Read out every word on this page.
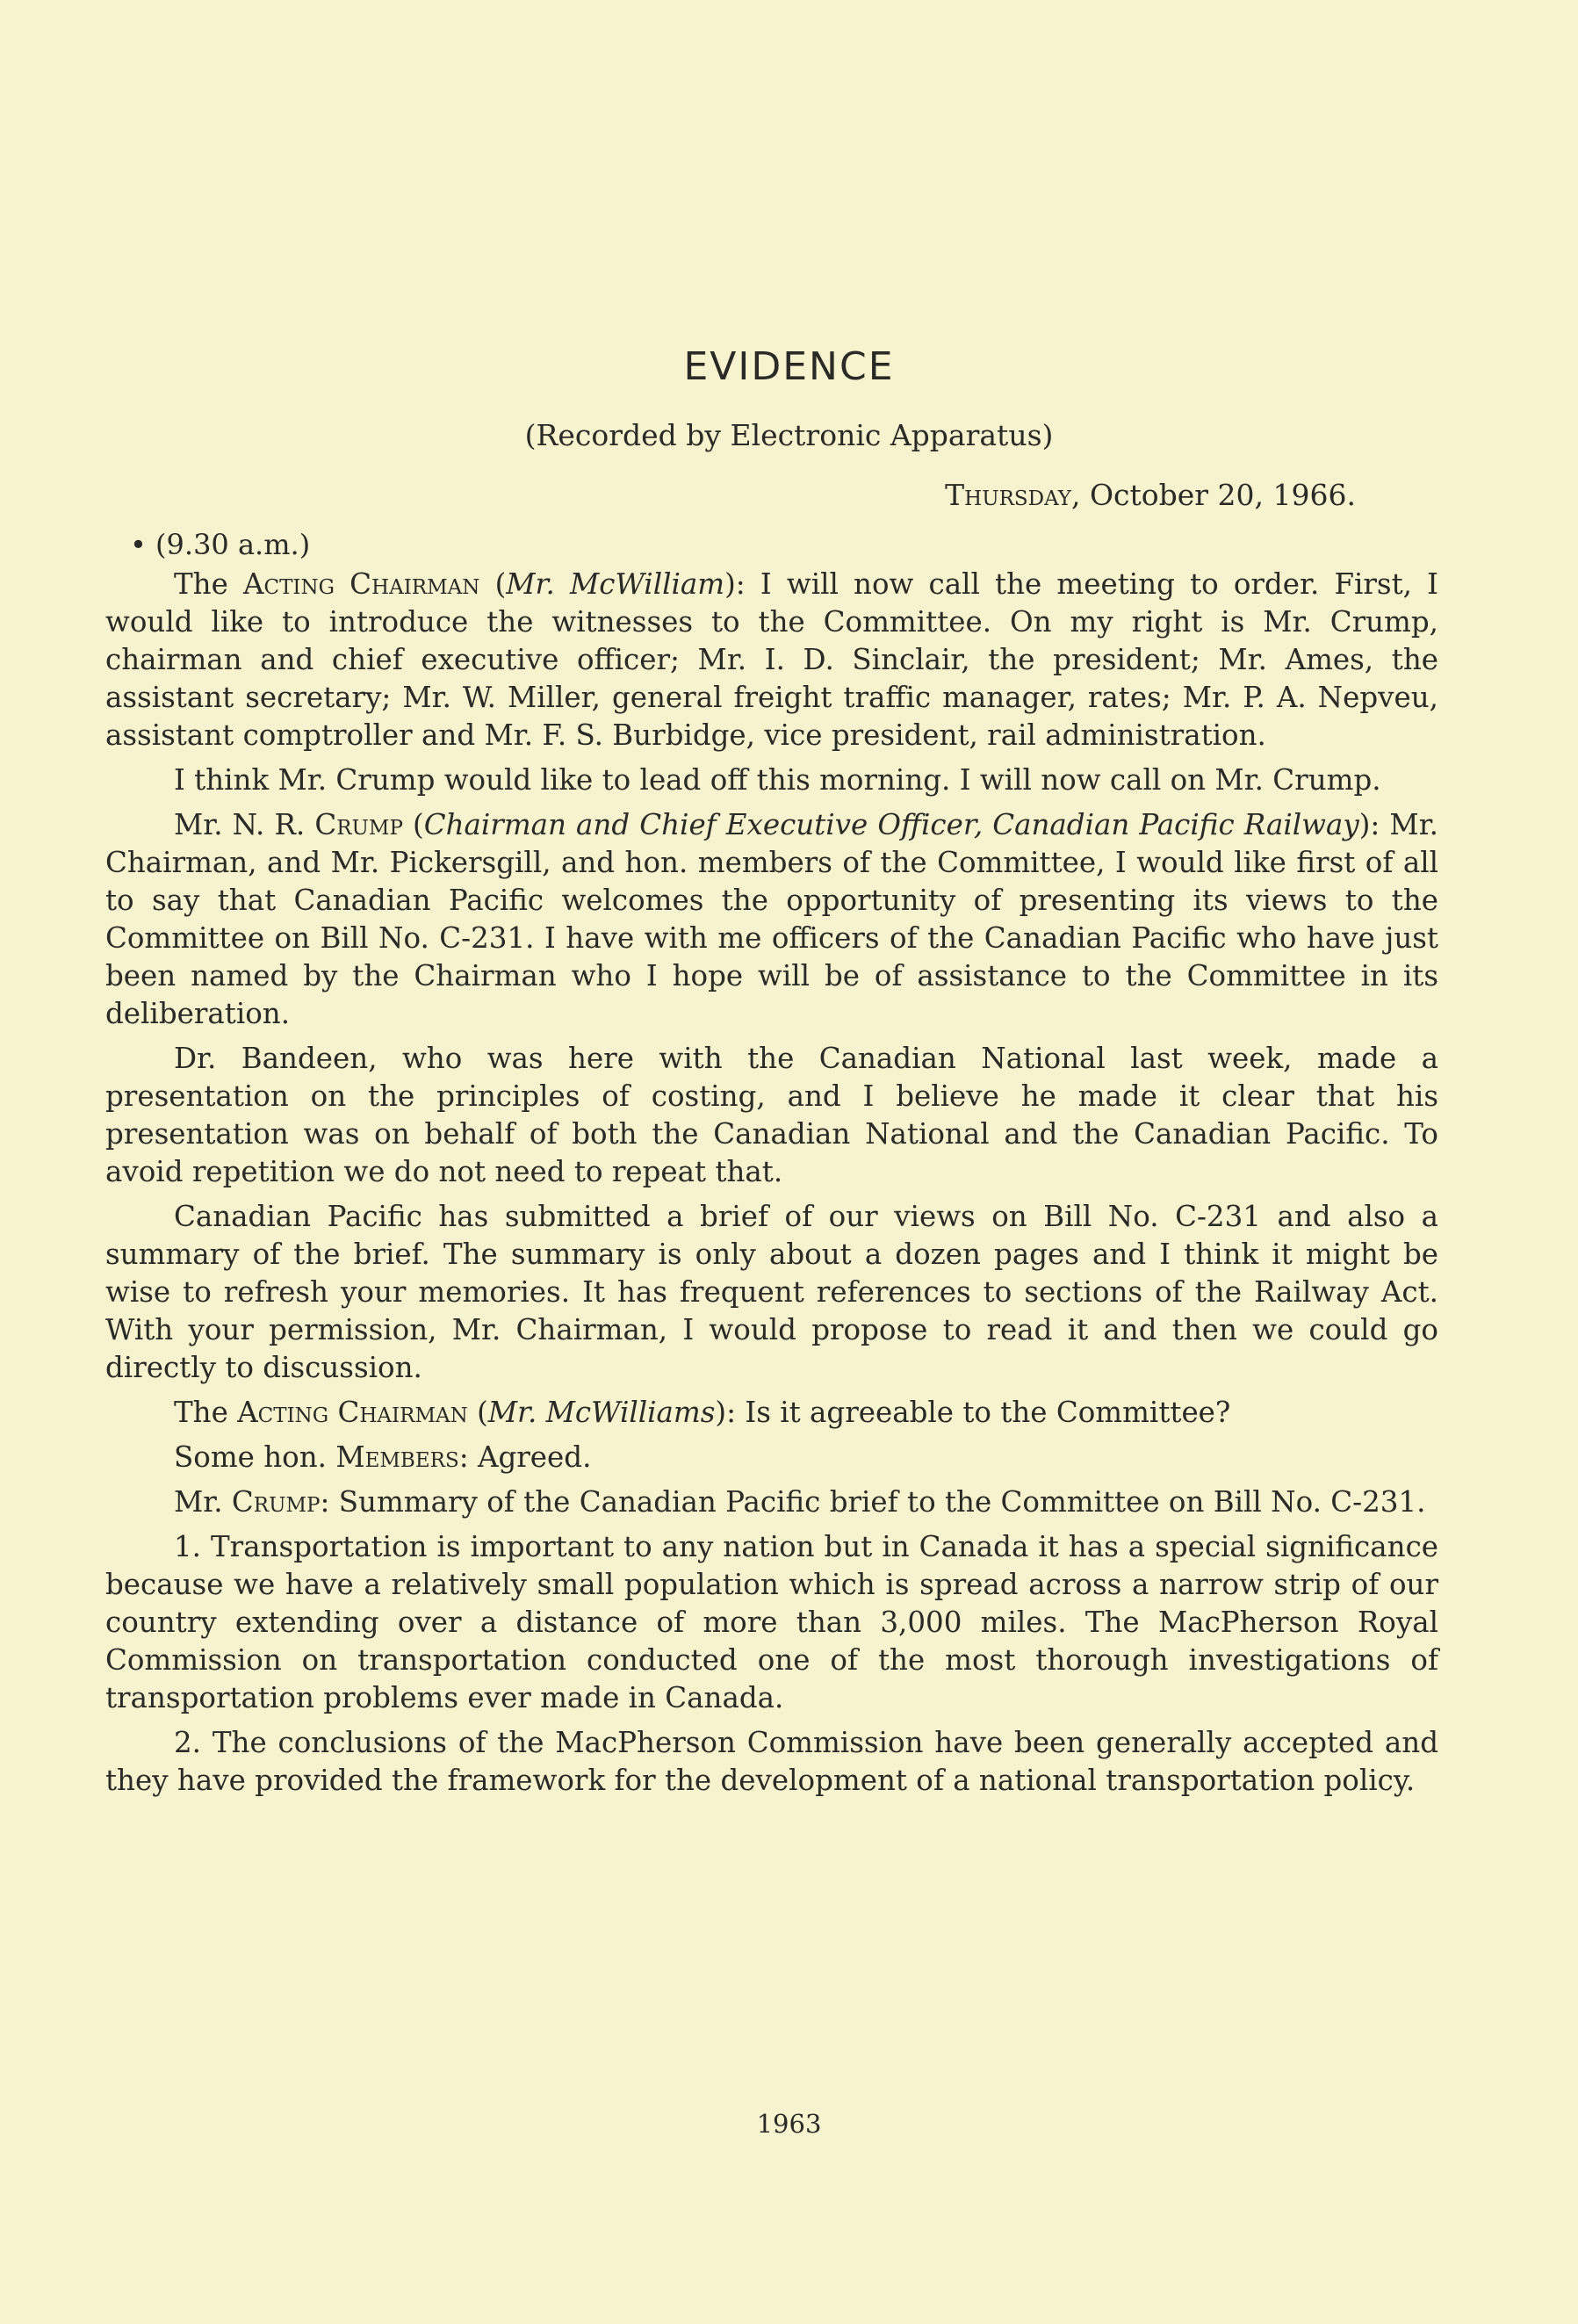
EVIDENCE
(Recorded by Electronic Apparatus)
Thursday, October 20, 1966.
• (9.30 a.m.)

The Acting Chairman (Mr. McWilliam): I will now call the meeting to order. First, I would like to introduce the witnesses to the Committee. On my right is Mr. Crump, chairman and chief executive officer; Mr. I. D. Sinclair, the president; Mr. Ames, the assistant secretary; Mr. W. Miller, general freight traffic manager, rates; Mr. P. A. Nepveu, assistant comptroller and Mr. F. S. Burbidge, vice president, rail administration.

I think Mr. Crump would like to lead off this morning. I will now call on Mr. Crump.

Mr. N. R. Crump (Chairman and Chief Executive Officer, Canadian Pacific Railway): Mr. Chairman, and Mr. Pickersgill, and hon. members of the Committee, I would like first of all to say that Canadian Pacific welcomes the opportunity of presenting its views to the Committee on Bill No. C-231. I have with me officers of the Canadian Pacific who have just been named by the Chairman who I hope will be of assistance to the Committee in its deliberation.

Dr. Bandeen, who was here with the Canadian National last week, made a presentation on the principles of costing, and I believe he made it clear that his presentation was on behalf of both the Canadian National and the Canadian Pacific. To avoid repetition we do not need to repeat that.

Canadian Pacific has submitted a brief of our views on Bill No. C-231 and also a summary of the brief. The summary is only about a dozen pages and I think it might be wise to refresh your memories. It has frequent references to sections of the Railway Act. With your permission, Mr. Chairman, I would propose to read it and then we could go directly to discussion.

The Acting Chairman (Mr. McWilliams): Is it agreeable to the Committee?

Some hon. Members: Agreed.

Mr. Crump: Summary of the Canadian Pacific brief to the Committee on Bill No. C-231.

1. Transportation is important to any nation but in Canada it has a special significance because we have a relatively small population which is spread across a narrow strip of our country extending over a distance of more than 3,000 miles. The MacPherson Royal Commission on transportation conducted one of the most thorough investigations of transportation problems ever made in Canada.

2. The conclusions of the MacPherson Commission have been generally accepted and they have provided the framework for the development of a national transportation policy.

1963
